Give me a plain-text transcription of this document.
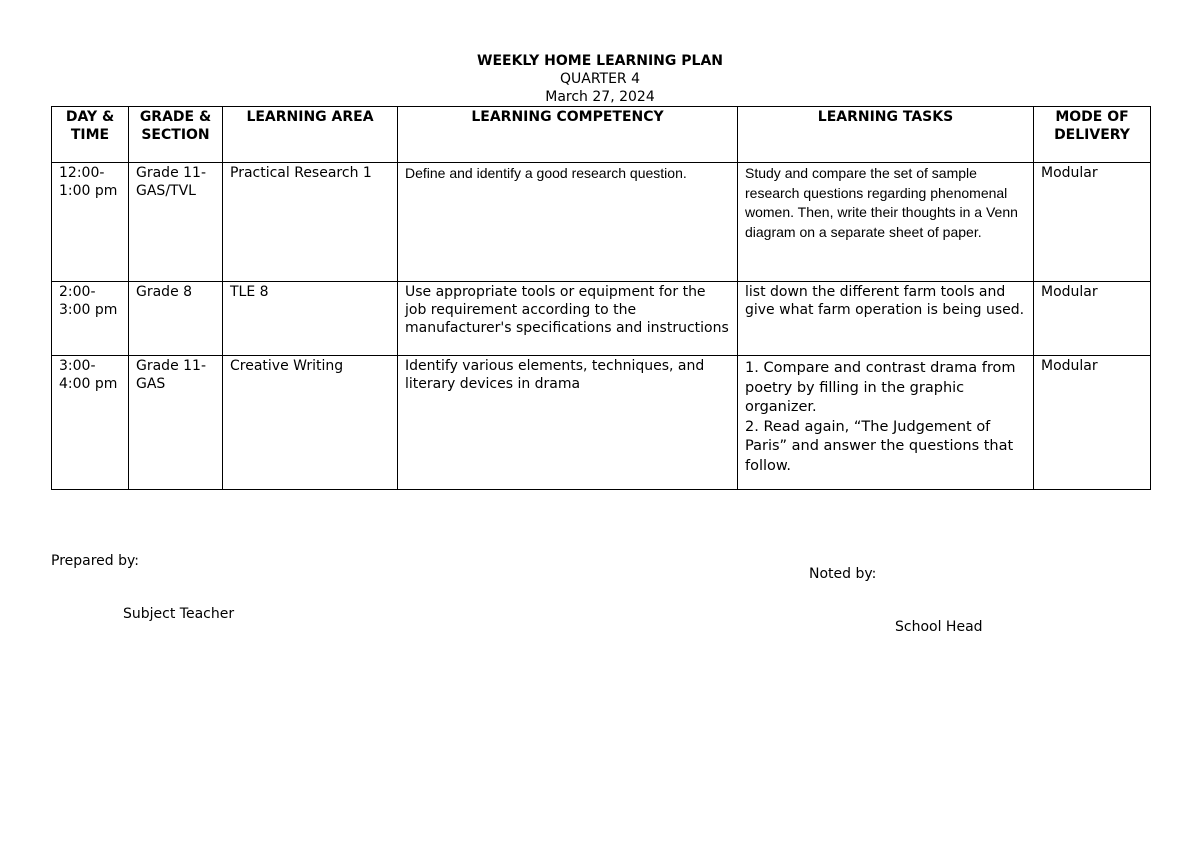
WEEKLY HOME LEARNING PLAN
QUARTER 4
March 27, 2024
DAY & TIME	GRADE & SECTION	LEARNING AREA	LEARNING COMPETENCY	LEARNING TASKS	MODE OF DELIVERY
12:00-1:00 pm	Grade 11-GAS/TVL	Practical Research 1	Define and identify a good research question.	Study and compare the set of sample research questions regarding phenomenal women. Then, write their thoughts in a Venn diagram on a separate sheet of paper.	Modular
2:00-3:00 pm	Grade 8	TLE 8	Use appropriate tools or equipment for the job requirement according to the manufacturer's specifications and instructions	list down the different farm tools and give what farm operation is being used.	Modular
3:00-4:00 pm	Grade 11-GAS	Creative Writing	Identify various elements, techniques, and literary devices in drama	1. Compare and contrast drama from poetry by filling in the graphic organizer.
2. Read again, “The Judgement of Paris” and answer the questions that follow.	Modular
Prepared by:
Subject Teacher
Noted by:
School Head
